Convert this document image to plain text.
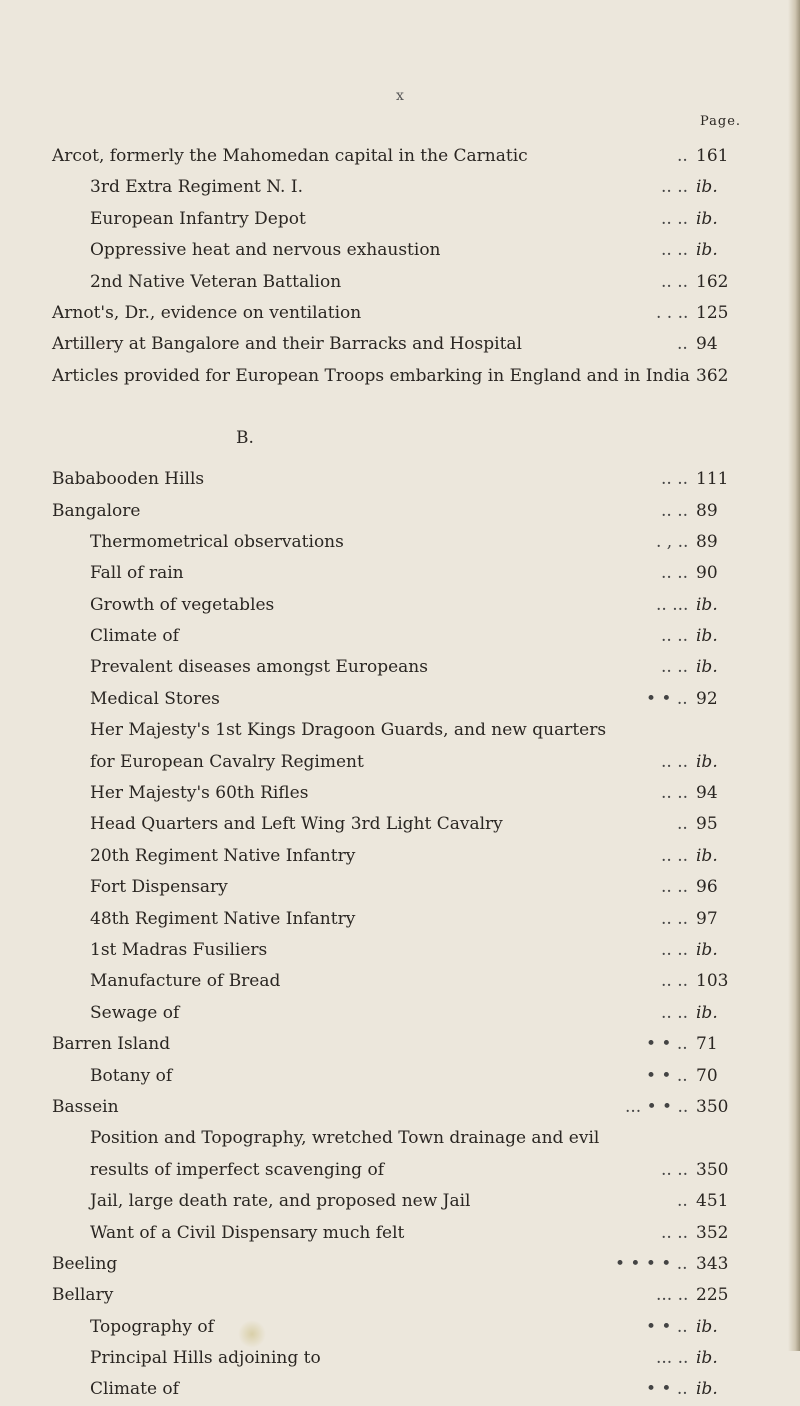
x
Page.
B.
Arcot, formerly the Mahomedan capital in the Carnatic	.. 161
3rd Extra Regiment N. I.	.. .. ib.
European Infantry Depot	.. .. ib.
Oppressive heat and nervous exhaustion	.. .. ib.
2nd Native Veteran Battalion	.. .. 162
Arnot's, Dr., evidence on ventilation	. . .. 125
Artillery at Bangalore and their Barracks and Hospital	.. 94
Articles provided for European Troops embarking in England and in India 362
Bababooden Hills	.. .. 111
Bangalore	.. .. 89
Thermometrical observations	. , .. 89
Fall of rain	.. .. 90
Growth of vegetables	.. ... ib.
Climate of	.. .. ib.
Prevalent diseases amongst Europeans	.. .. ib.
Medical Stores	• • .. 92
Her Majesty's 1st Kings Dragoon Guards, and new quarters
for European Cavalry Regiment	.. .. ib.
Her Majesty's 60th Rifles	.. .. 94
Head Quarters and Left Wing 3rd Light Cavalry	.. 95
20th Regiment Native Infantry	.. .. ib.
Fort Dispensary	.. .. 96
48th Regiment Native Infantry	.. .. 97
1st Madras Fusiliers	.. .. ib.
Manufacture of Bread	.. .. 103
Sewage of	.. .. ib.
Barren Island	• • .. 71
Botany of	• • .. 70
Bassein	... • • .. 350
Position and Topography, wretched Town drainage and evil
results of imperfect scavenging of	.. .. 350
Jail, large death rate, and proposed new Jail	.. 451
Want of a Civil Dispensary much felt	.. .. 352
Beeling	• • • • .. 343
Bellary	... .. 225
Topography of	• • .. ib.
Principal Hills adjoining to	... .. ib.
Climate of	• • .. ib.
